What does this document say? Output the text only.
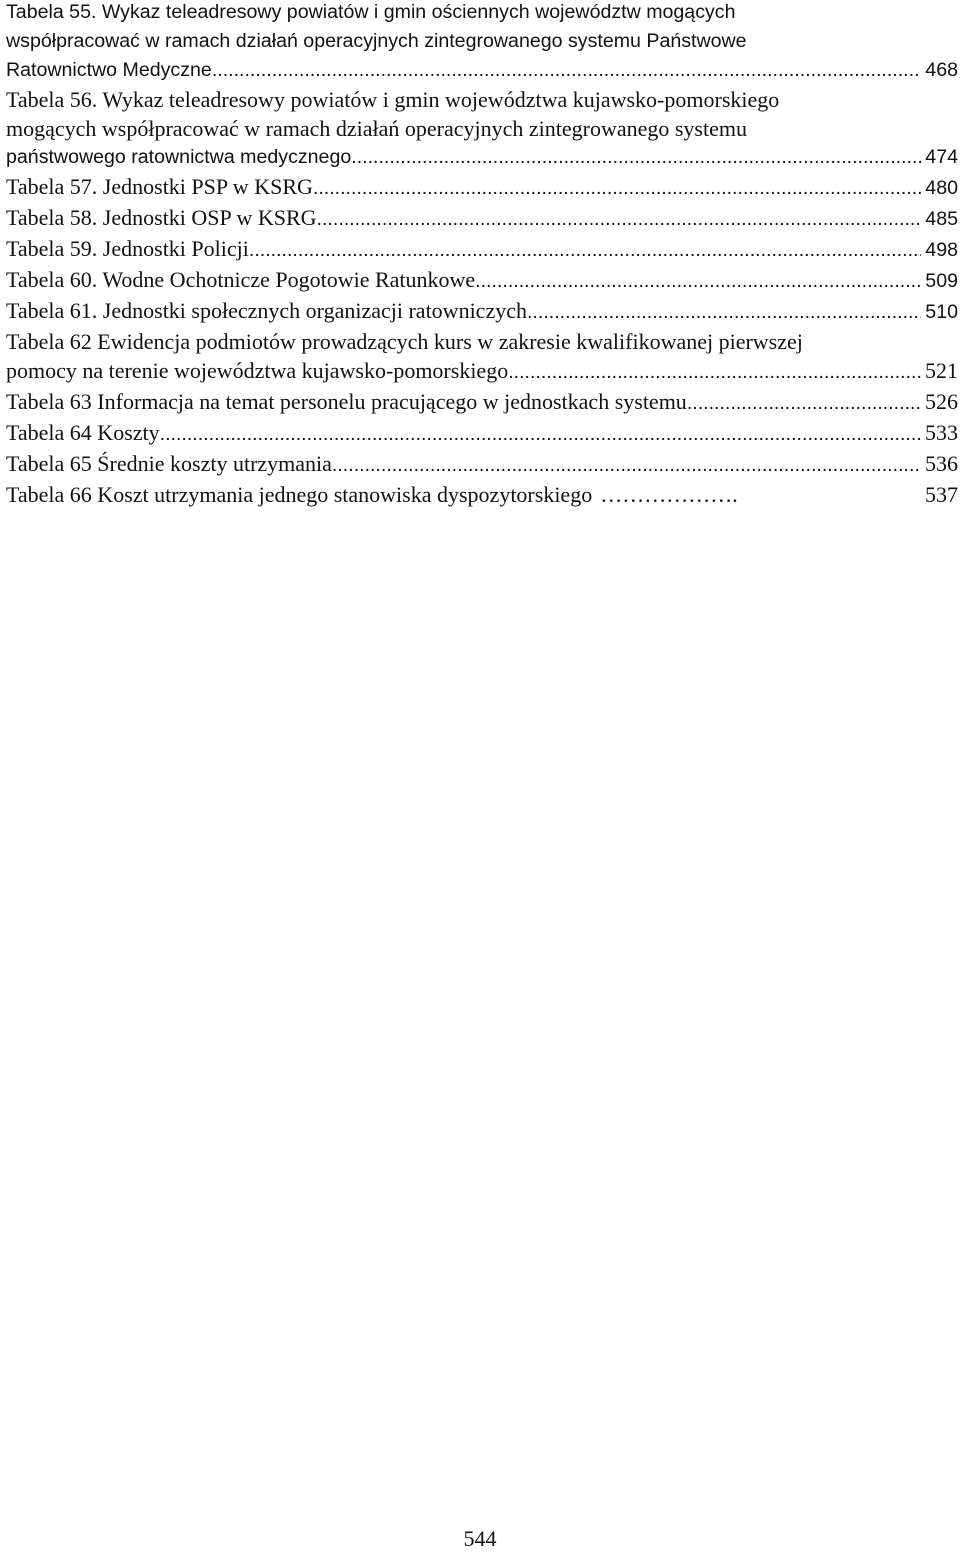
Tabela 55. Wykaz teleadresowy powiatów i gmin ościennych województw mogących
współpracować w ramach działań operacyjnych zintegrowanego systemu Państwowe
Ratownictwo Medyczne .....	468
Tabela 56. Wykaz teleadresowy powiatów i gmin województwa kujawsko-pomorskiego
mogących współpracować w ramach działań operacyjnych zintegrowanego systemu
państwowego ratownictwa medycznego .....	474
Tabela 57. Jednostki PSP w KSRG .....	480
Tabela 58. Jednostki OSP w KSRG .....	485
Tabela 59. Jednostki Policji .....	498
Tabela 60. Wodne Ochotnicze Pogotowie Ratunkowe .....	509
Tabela 61. Jednostki społecznych organizacji ratowniczych .....	510
Tabela 62 Ewidencja podmiotów prowadzących kurs w zakresie kwalifikowanej pierwszej
pomocy na terenie województwa kujawsko-pomorskiego .....	521
Tabela 63 Informacja na temat personelu pracującego w jednostkach systemu .....	526
Tabela 64 Koszty .....	533
Tabela 65 Średnie koszty utrzymania .....	536
Tabela 66 Koszt utrzymania jednego stanowiska dyspozytorskiego ……………….	537
544
